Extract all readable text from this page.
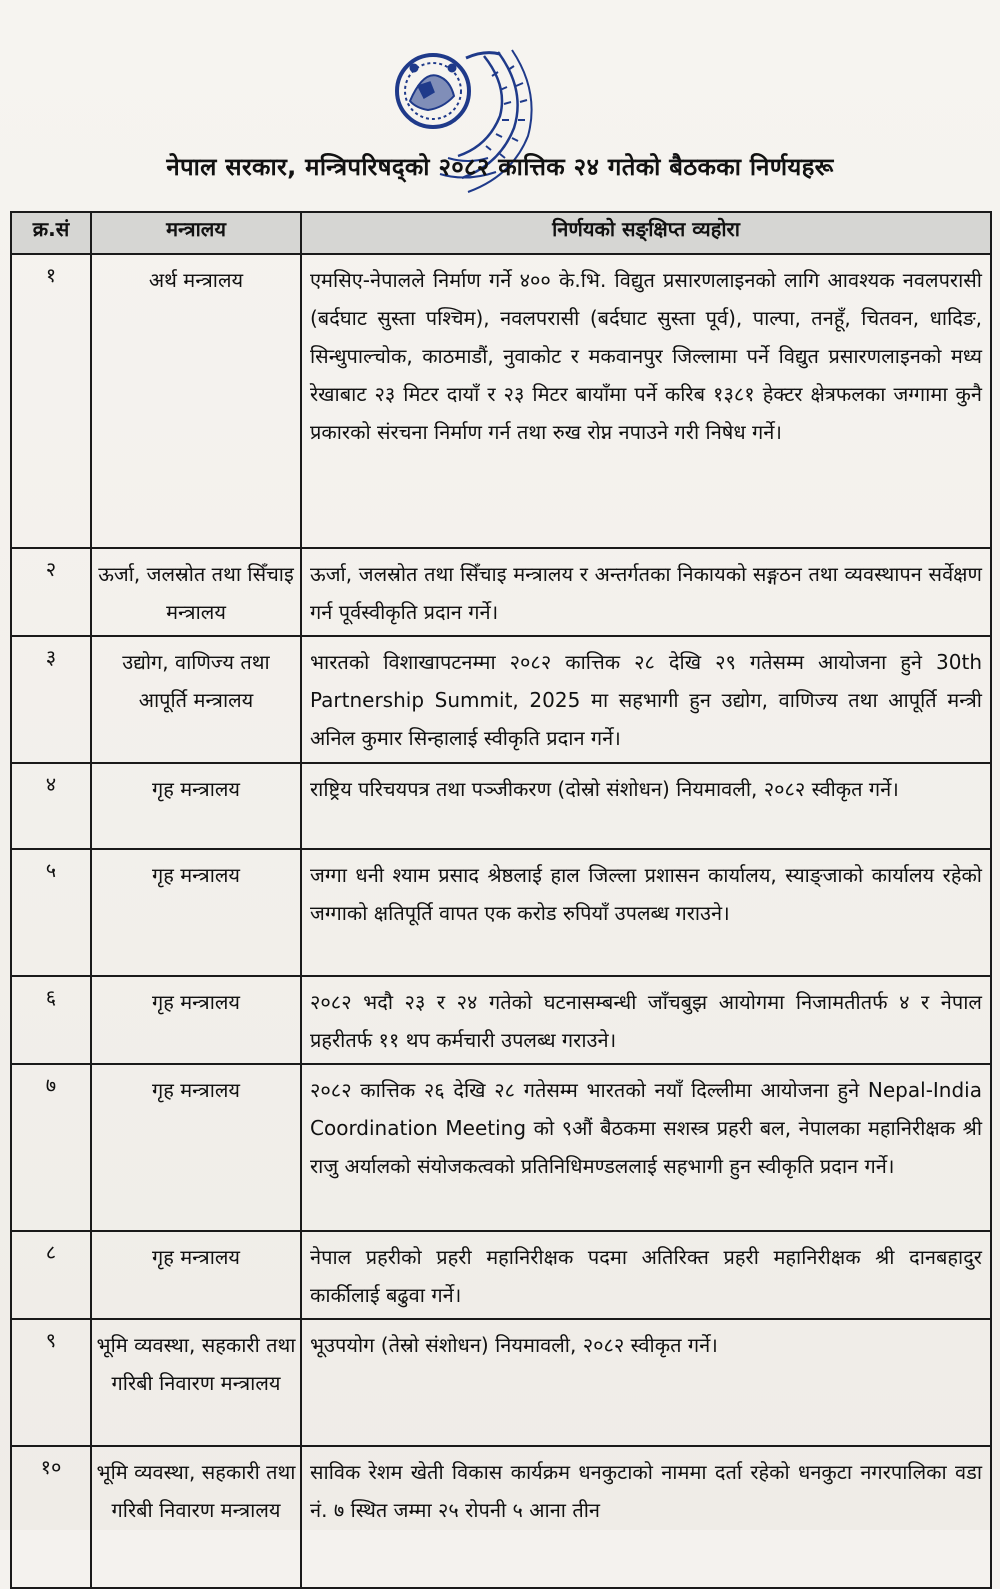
नेपाल सरकार, मन्त्रिपरिषद्को २०८२ कात्तिक २४ गतेको बैठकका निर्णयहरू
क्र.सं	मन्त्रालय	निर्णयको सङ्क्षिप्त व्यहोरा
१	अर्थ मन्त्रालय	एमसिए-नेपालले निर्माण गर्ने ४०० के.भि. विद्युत प्रसारणलाइनको लागि आवश्यक नवलपरासी (बर्दघाट सुस्ता पश्चिम), नवलपरासी (बर्दघाट सुस्ता पूर्व), पाल्पा, तनहूँ, चितवन, धादिङ, सिन्धुपाल्चोक, काठमाडौं, नुवाकोट र मकवानपुर जिल्लामा पर्ने विद्युत प्रसारणलाइनको मध्य रेखाबाट २३ मिटर दायाँ र २३ मिटर बायाँमा पर्ने करिब १३८१ हेक्टर क्षेत्रफलका जग्गामा कुनै प्रकारको संरचना निर्माण गर्न तथा रुख रोप्न नपाउने गरी निषेध गर्ने।
२	ऊर्जा, जलस्रोत तथा सिँचाइ मन्त्रालय	ऊर्जा, जलस्रोत तथा सिँचाइ मन्त्रालय र अन्तर्गतका निकायको सङ्गठन तथा व्यवस्थापन सर्वेक्षण गर्न पूर्वस्वीकृति प्रदान गर्ने।
३	उद्योग, वाणिज्य तथा आपूर्ति मन्त्रालय	भारतको विशाखापटनम्मा २०८२ कात्तिक २८ देखि २९ गतेसम्म आयोजना हुने 30th Partnership Summit, 2025 मा सहभागी हुन उद्योग, वाणिज्य तथा आपूर्ति मन्त्री अनिल कुमार सिन्हालाई स्वीकृति प्रदान गर्ने।
४	गृह मन्त्रालय	राष्ट्रिय परिचयपत्र तथा पञ्जीकरण (दोस्रो संशोधन) नियमावली, २०८२ स्वीकृत गर्ने।
५	गृह मन्त्रालय	जग्गा धनी श्याम प्रसाद श्रेष्ठलाई हाल जिल्ला प्रशासन कार्यालय, स्याङ्जाको कार्यालय रहेको जग्गाको क्षतिपूर्ति वापत एक करोड रुपियाँ उपलब्ध गराउने।
६	गृह मन्त्रालय	२०८२ भदौ २३ र २४ गतेको घटनासम्बन्धी जाँचबुझ आयोगमा निजामतीतर्फ ४ र नेपाल प्रहरीतर्फ ११ थप कर्मचारी उपलब्ध गराउने।
७	गृह मन्त्रालय	२०८२ कात्तिक २६ देखि २८ गतेसम्म भारतको नयाँ दिल्लीमा आयोजना हुने Nepal-India Coordination Meeting को ९औं बैठकमा सशस्त्र प्रहरी बल, नेपालका महानिरीक्षक श्री राजु अर्यालको संयोजकत्वको प्रतिनिधिमण्डललाई सहभागी हुन स्वीकृति प्रदान गर्ने।
८	गृह मन्त्रालय	नेपाल प्रहरीको प्रहरी महानिरीक्षक पदमा अतिरिक्त प्रहरी महानिरीक्षक श्री दानबहादुर कार्कीलाई बढुवा गर्ने।
९	भूमि व्यवस्था, सहकारी तथा गरिबी निवारण मन्त्रालय	भूउपयोग (तेस्रो संशोधन) नियमावली, २०८२ स्वीकृत गर्ने।
१०	भूमि व्यवस्था, सहकारी तथा गरिबी निवारण मन्त्रालय	साविक रेशम खेती विकास कार्यक्रम धनकुटाको नाममा दर्ता रहेको धनकुटा नगरपालिका वडा नं. ७ स्थित जम्मा २५ रोपनी ५ आना तीन
